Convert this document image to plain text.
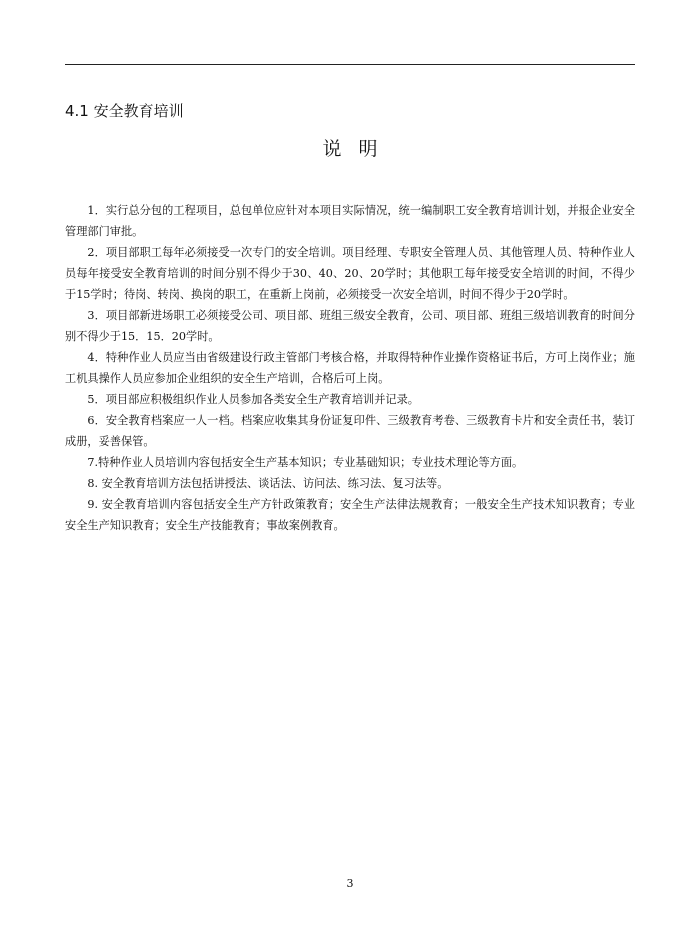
4.1 安全教育培训
说明

1．实行总分包的工程项目，总包单位应针对本项目实际情况，统一编制职工安全教育培训计划，并报企业安全管理部门审批。

2．项目部职工每年必须接受一次专门的安全培训。项目经理、专职安全管理人员、其他管理人员、特种作业人员每年接受安全教育培训的时间分别不得少于30、40、20、20学时；其他职工每年接受安全培训的时间，不得少于15学时；待岗、转岗、换岗的职工，在重新上岗前，必须接受一次安全培训，时间不得少于20学时。

3．项目部新进场职工必须接受公司、项目部、班组三级安全教育，公司、项目部、班组三级培训教育的时间分别不得少于15．15．20学时。

4．特种作业人员应当由省级建设行政主管部门考核合格，并取得特种作业操作资格证书后，方可上岗作业；施工机具操作人员应参加企业组织的安全生产培训，合格后可上岗。

5．项目部应积极组织作业人员参加各类安全生产教育培训并记录。

6．安全教育档案应一人一档。档案应收集其身份证复印件、三级教育考卷、三级教育卡片和安全责任书，装订成册，妥善保管。

7.特种作业人员培训内容包括安全生产基本知识；专业基础知识；专业技术理论等方面。

8. 安全教育培训方法包括讲授法、谈话法、访问法、练习法、复习法等。

9. 安全教育培训内容包括安全生产方针政策教育；安全生产法律法规教育；一般安全生产技术知识教育；专业安全生产知识教育；安全生产技能教育；事故案例教育。

3
